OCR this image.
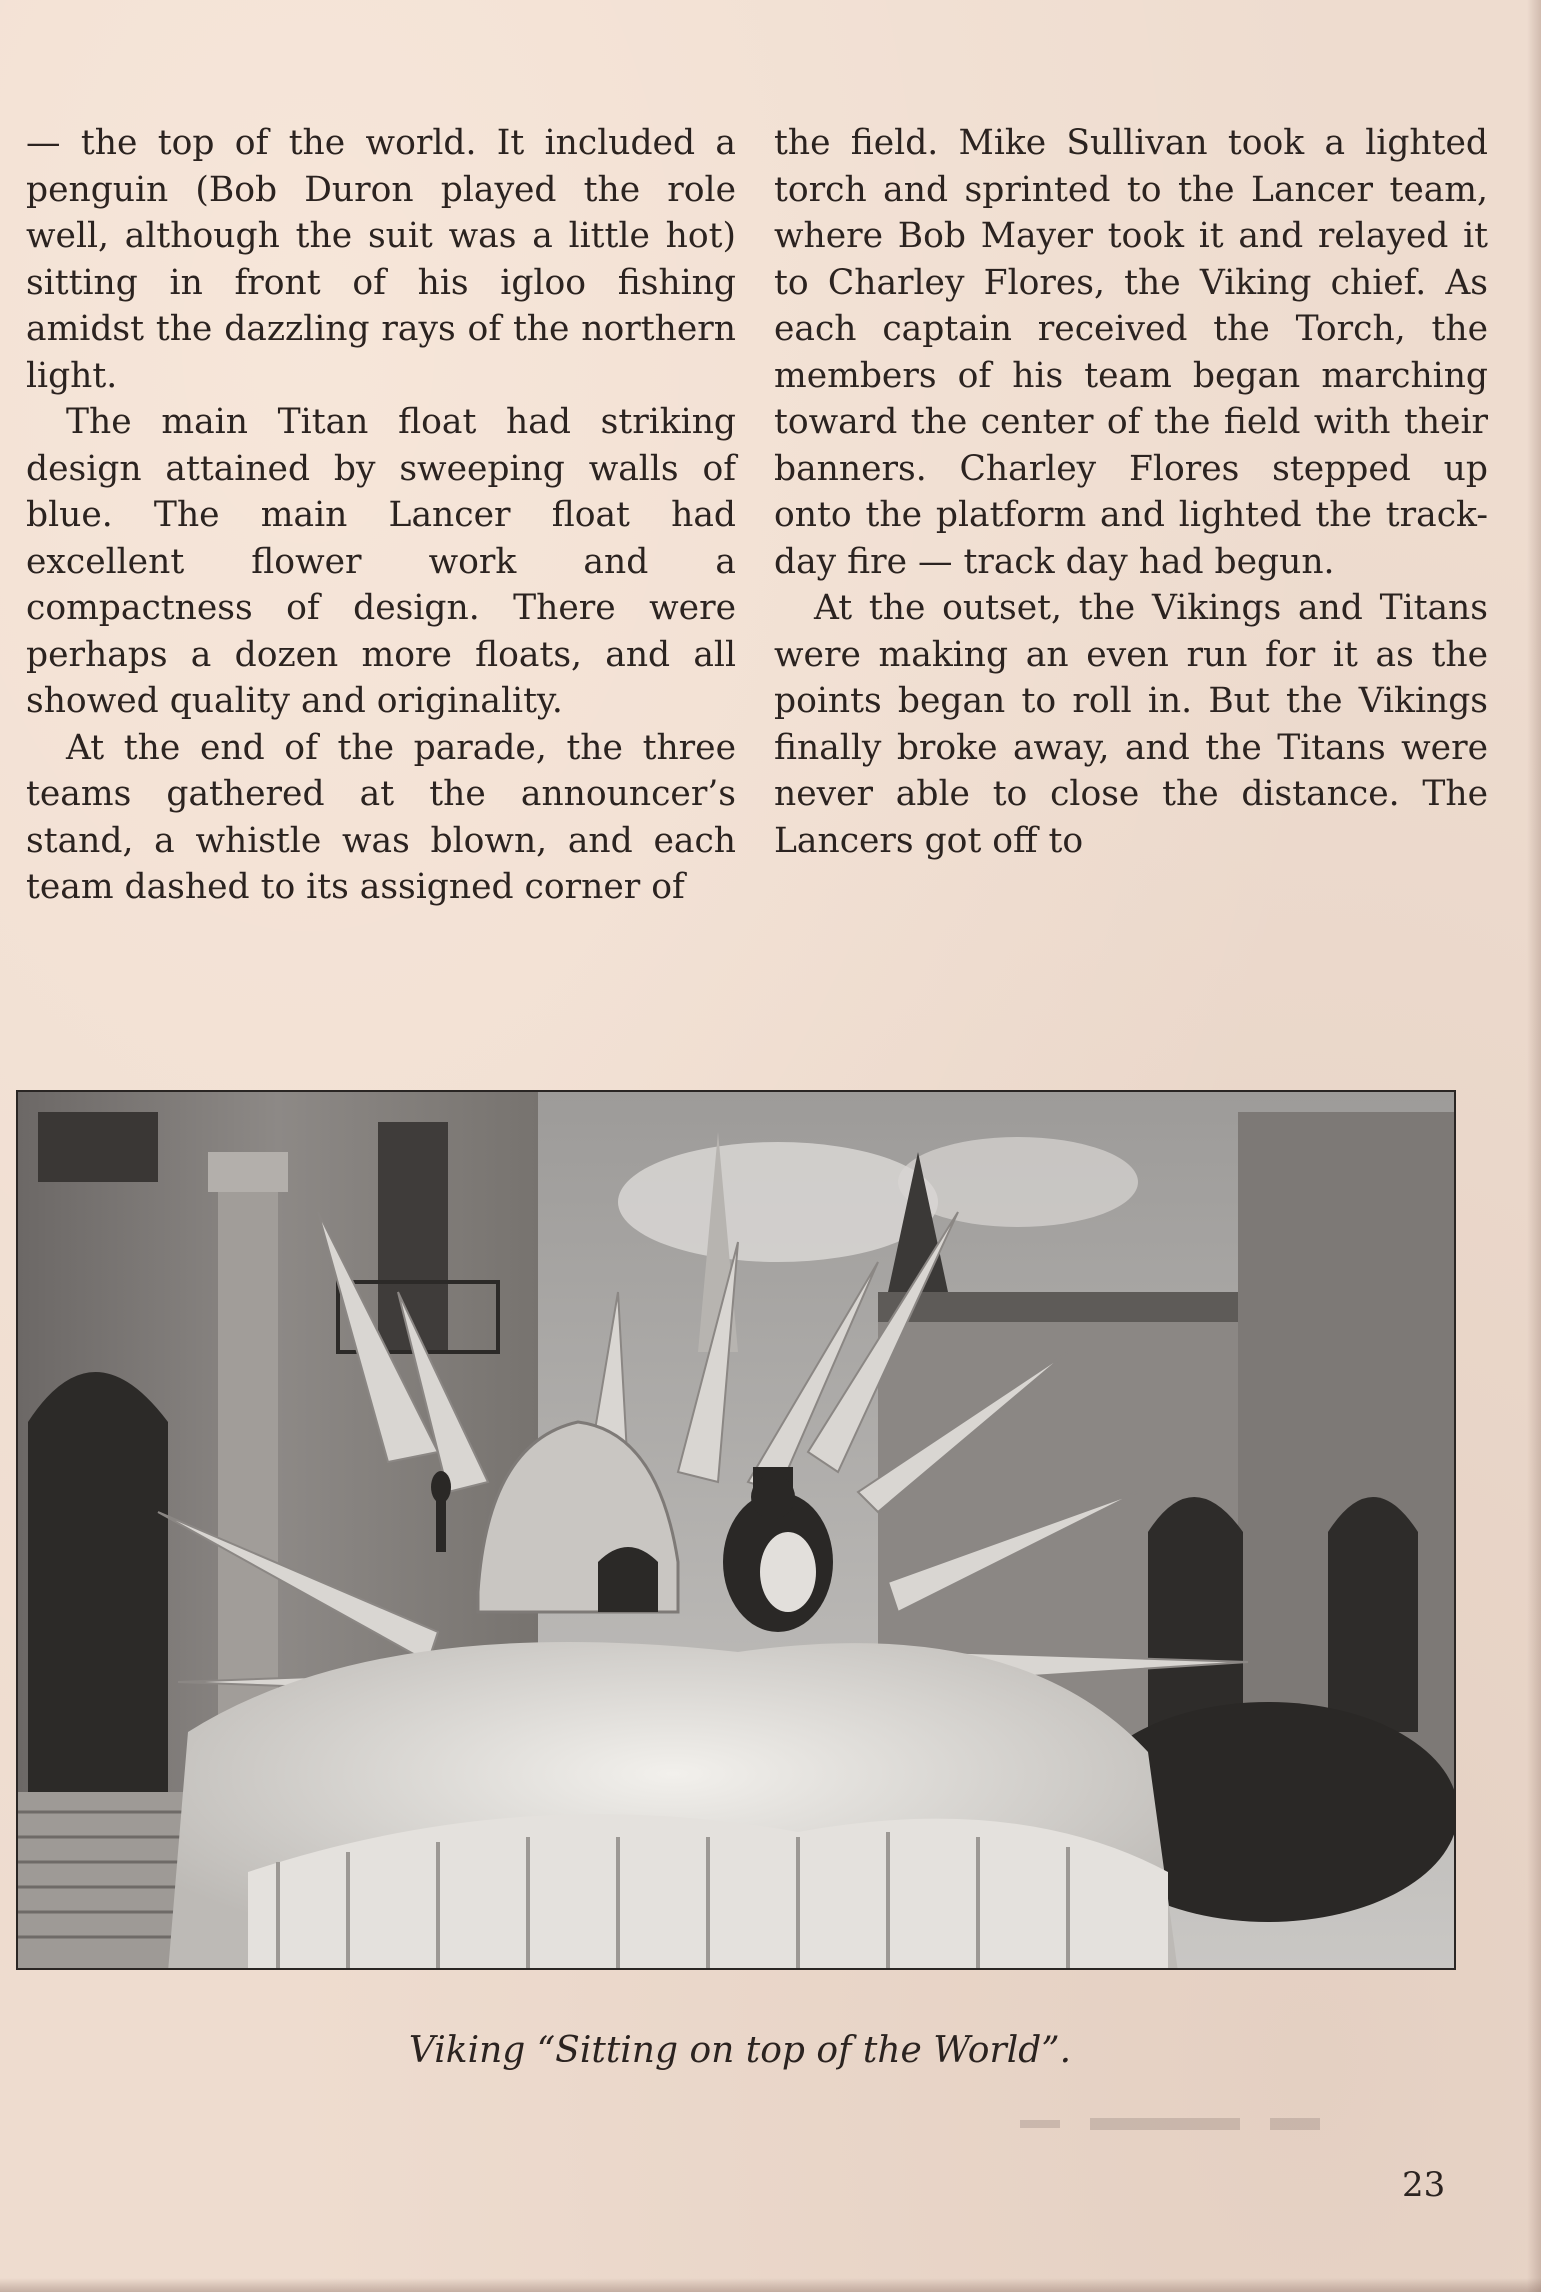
— the top of the world. It included a penguin (Bob Duron played the role well, although the suit was a little hot) sitting in front of his igloo fishing amidst the dazzling rays of the northern light.

The main Titan float had striking design attained by sweeping walls of blue. The main Lancer float had excellent flower work and a compactness of design. There were perhaps a dozen more floats, and all showed quality and originality.

At the end of the parade, the three teams gathered at the announcer’s stand, a whistle was blown, and each team dashed to its assigned corner of

the field. Mike Sullivan took a lighted torch and sprinted to the Lancer team, where Bob Mayer took it and relayed it to Charley Flores, the Viking chief. As each captain received the Torch, the members of his team began marching toward the center of the field with their banners. Charley Flores stepped up onto the platform and lighted the track-day fire — track day had begun.

At the outset, the Vikings and Titans were making an even run for it as the points began to roll in. But the Vikings finally broke away, and the Titans were never able to close the distance. The Lancers got off to

Viking “Sitting on top of the World”.
23
